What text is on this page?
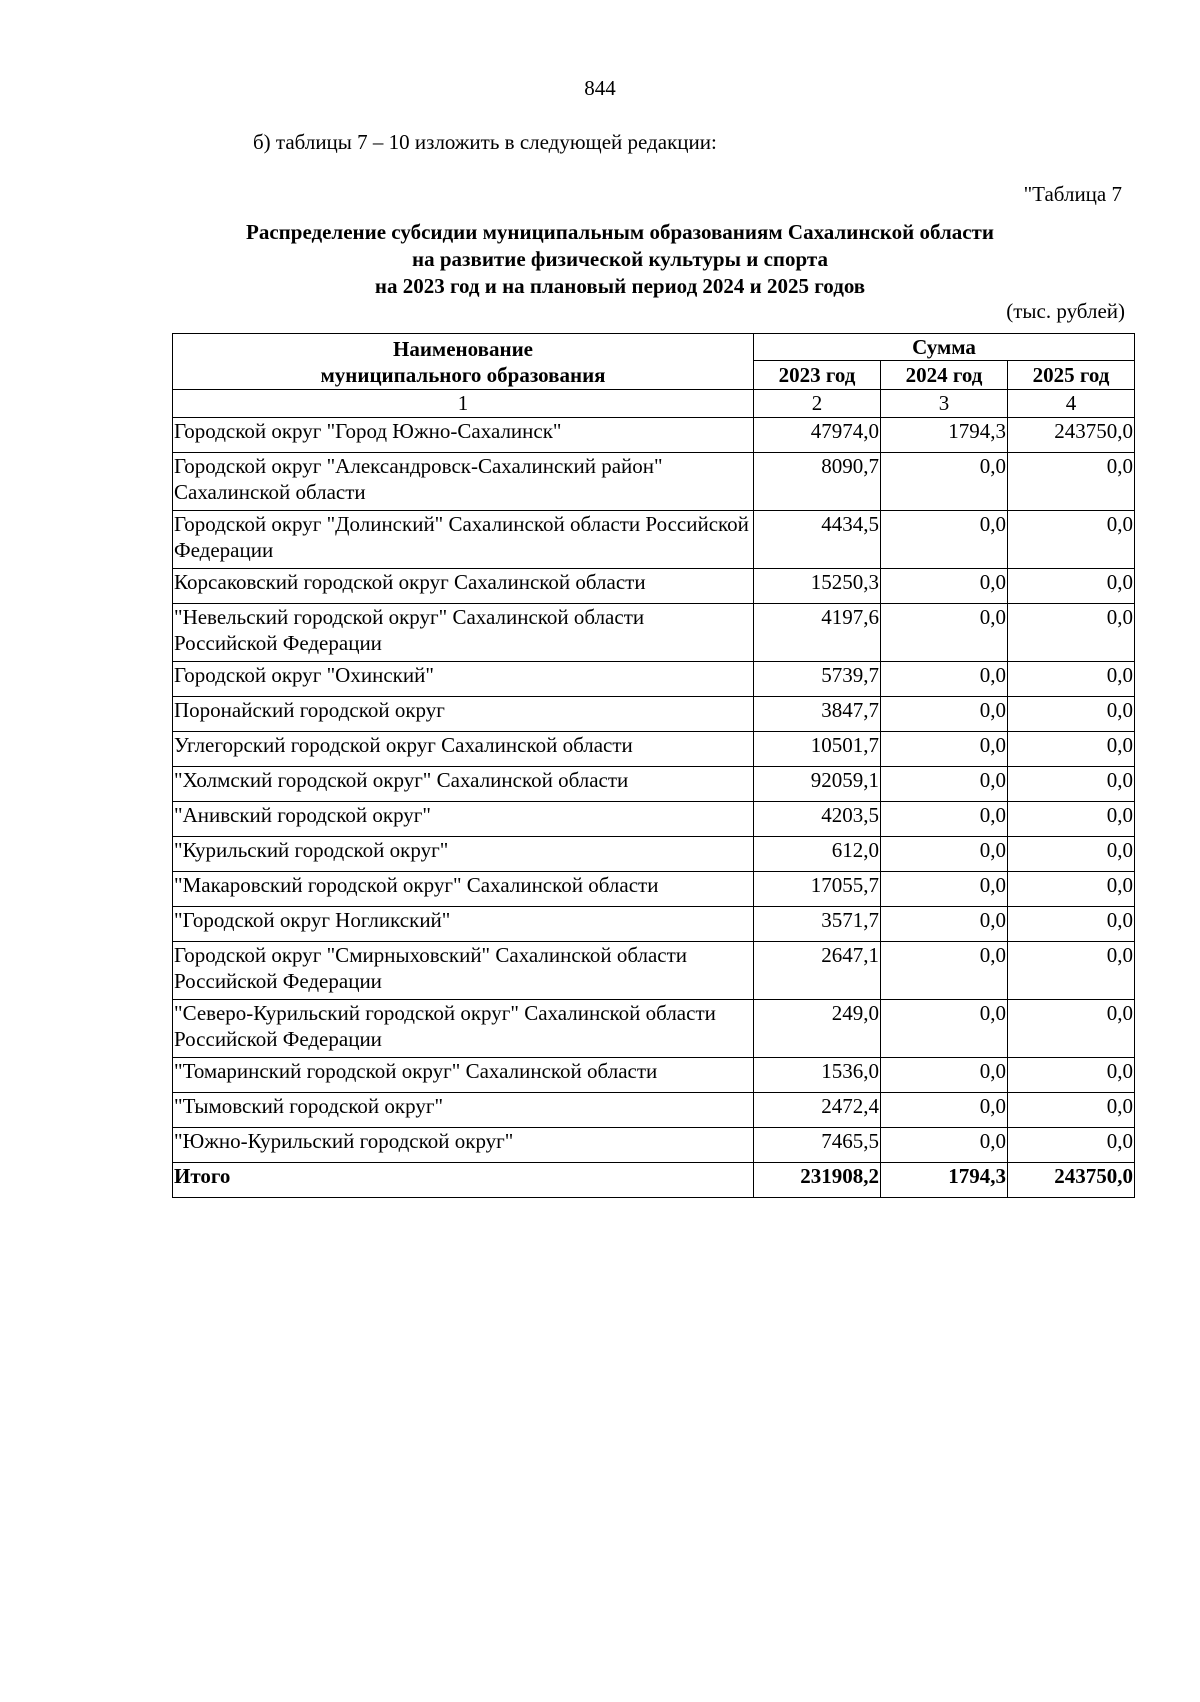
844
б) таблицы 7 – 10 изложить в следующей редакции:
"Таблица 7
Распределение субсидии муниципальным образованиям Сахалинской области
на развитие физической культуры и спорта
на 2023 год и на плановый период 2024 и 2025 годов
(тыс. рублей)
Наименование
муниципального образования	Сумма		
	2023 год	2024 год	2025 год
1	2	3	4
Городской округ "Город Южно-Сахалинск"	47974,0	1794,3	243750,0
Городской округ "Александровск-Сахалинский район" Сахалинской области	8090,7	0,0	0,0
Городской округ "Долинский" Сахалинской области Российской Федерации	4434,5	0,0	0,0
Корсаковский городской округ Сахалинской области	15250,3	0,0	0,0
"Невельский городской округ" Сахалинской области Российской Федерации	4197,6	0,0	0,0
Городской округ "Охинский"	5739,7	0,0	0,0
Поронайский городской округ	3847,7	0,0	0,0
Углегорский городской округ Сахалинской области	10501,7	0,0	0,0
"Холмский городской округ" Сахалинской области	92059,1	0,0	0,0
"Анивский городской округ"	4203,5	0,0	0,0
"Курильский городской округ"	612,0	0,0	0,0
"Макаровский городской округ" Сахалинской области	17055,7	0,0	0,0
"Городской округ Ногликский"	3571,7	0,0	0,0
Городской округ "Смирныховский" Сахалинской области Российской Федерации	2647,1	0,0	0,0
"Северо-Курильский городской округ" Сахалинской области Российской Федерации	249,0	0,0	0,0
"Томаринский городской округ" Сахалинской области	1536,0	0,0	0,0
"Тымовский городской округ"	2472,4	0,0	0,0
"Южно-Курильский городской округ"	7465,5	0,0	0,0
Итого	231908,2	1794,3	243750,0
